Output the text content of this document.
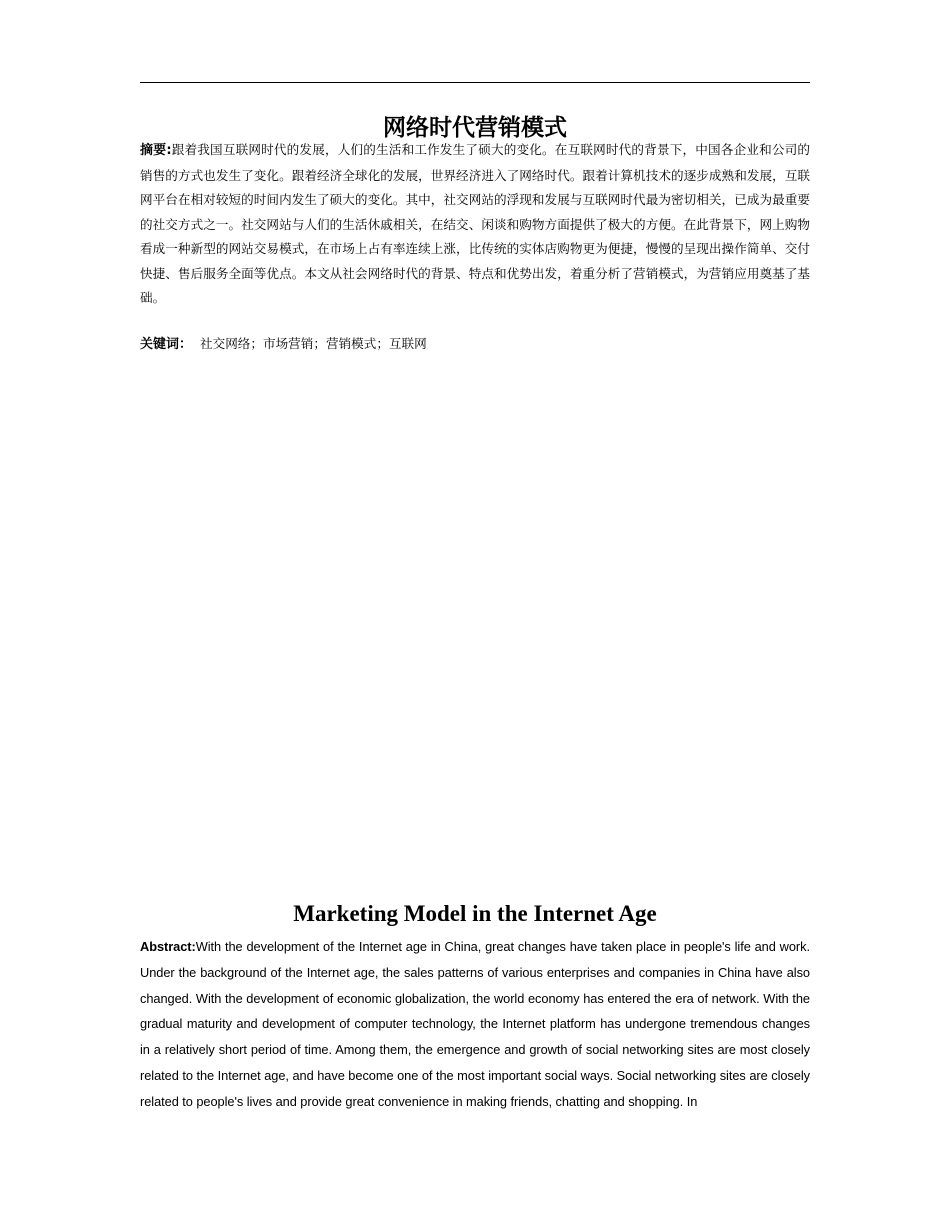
网络时代营销模式
摘要:跟着我国互联网时代的发展，人们的生活和工作发生了硕大的变化。在互联网时代的背景下，中国各企业和公司的销售的方式也发生了变化。跟着经济全球化的发展，世界经济进入了网络时代。跟着计算机技术的逐步成熟和发展，互联网平台在相对较短的时间内发生了硕大的变化。其中，社交网站的浮现和发展与互联网时代最为密切相关，已成为最重要的社交方式之一。社交网站与人们的生活休戚相关，在结交、闲谈和购物方面提供了极大的方便。在此背景下，网上购物看成一种新型的网站交易模式，在市场上占有率连续上涨，比传统的实体店购物更为便捷，慢慢的呈现出操作简单、交付快捷、售后服务全面等优点。本文从社会网络时代的背景、特点和优势出发，着重分析了营销模式，为营销应用奠基了基础。
关键词： 社交网络；市场营销；营销模式；互联网
Marketing Model in the Internet Age
Abstract:With the development of the Internet age in China, great changes have taken place in people's life and work. Under the background of the Internet age, the sales patterns of various enterprises and companies in China have also changed. With the development of economic globalization, the world economy has entered the era of network. With the gradual maturity and development of computer technology, the Internet platform has undergone tremendous changes in a relatively short period of time. Among them, the emergence and growth of social networking sites are most closely related to the Internet age, and have become one of the most important social ways. Social networking sites are closely related to people's lives and provide great convenience in making friends, chatting and shopping. In
